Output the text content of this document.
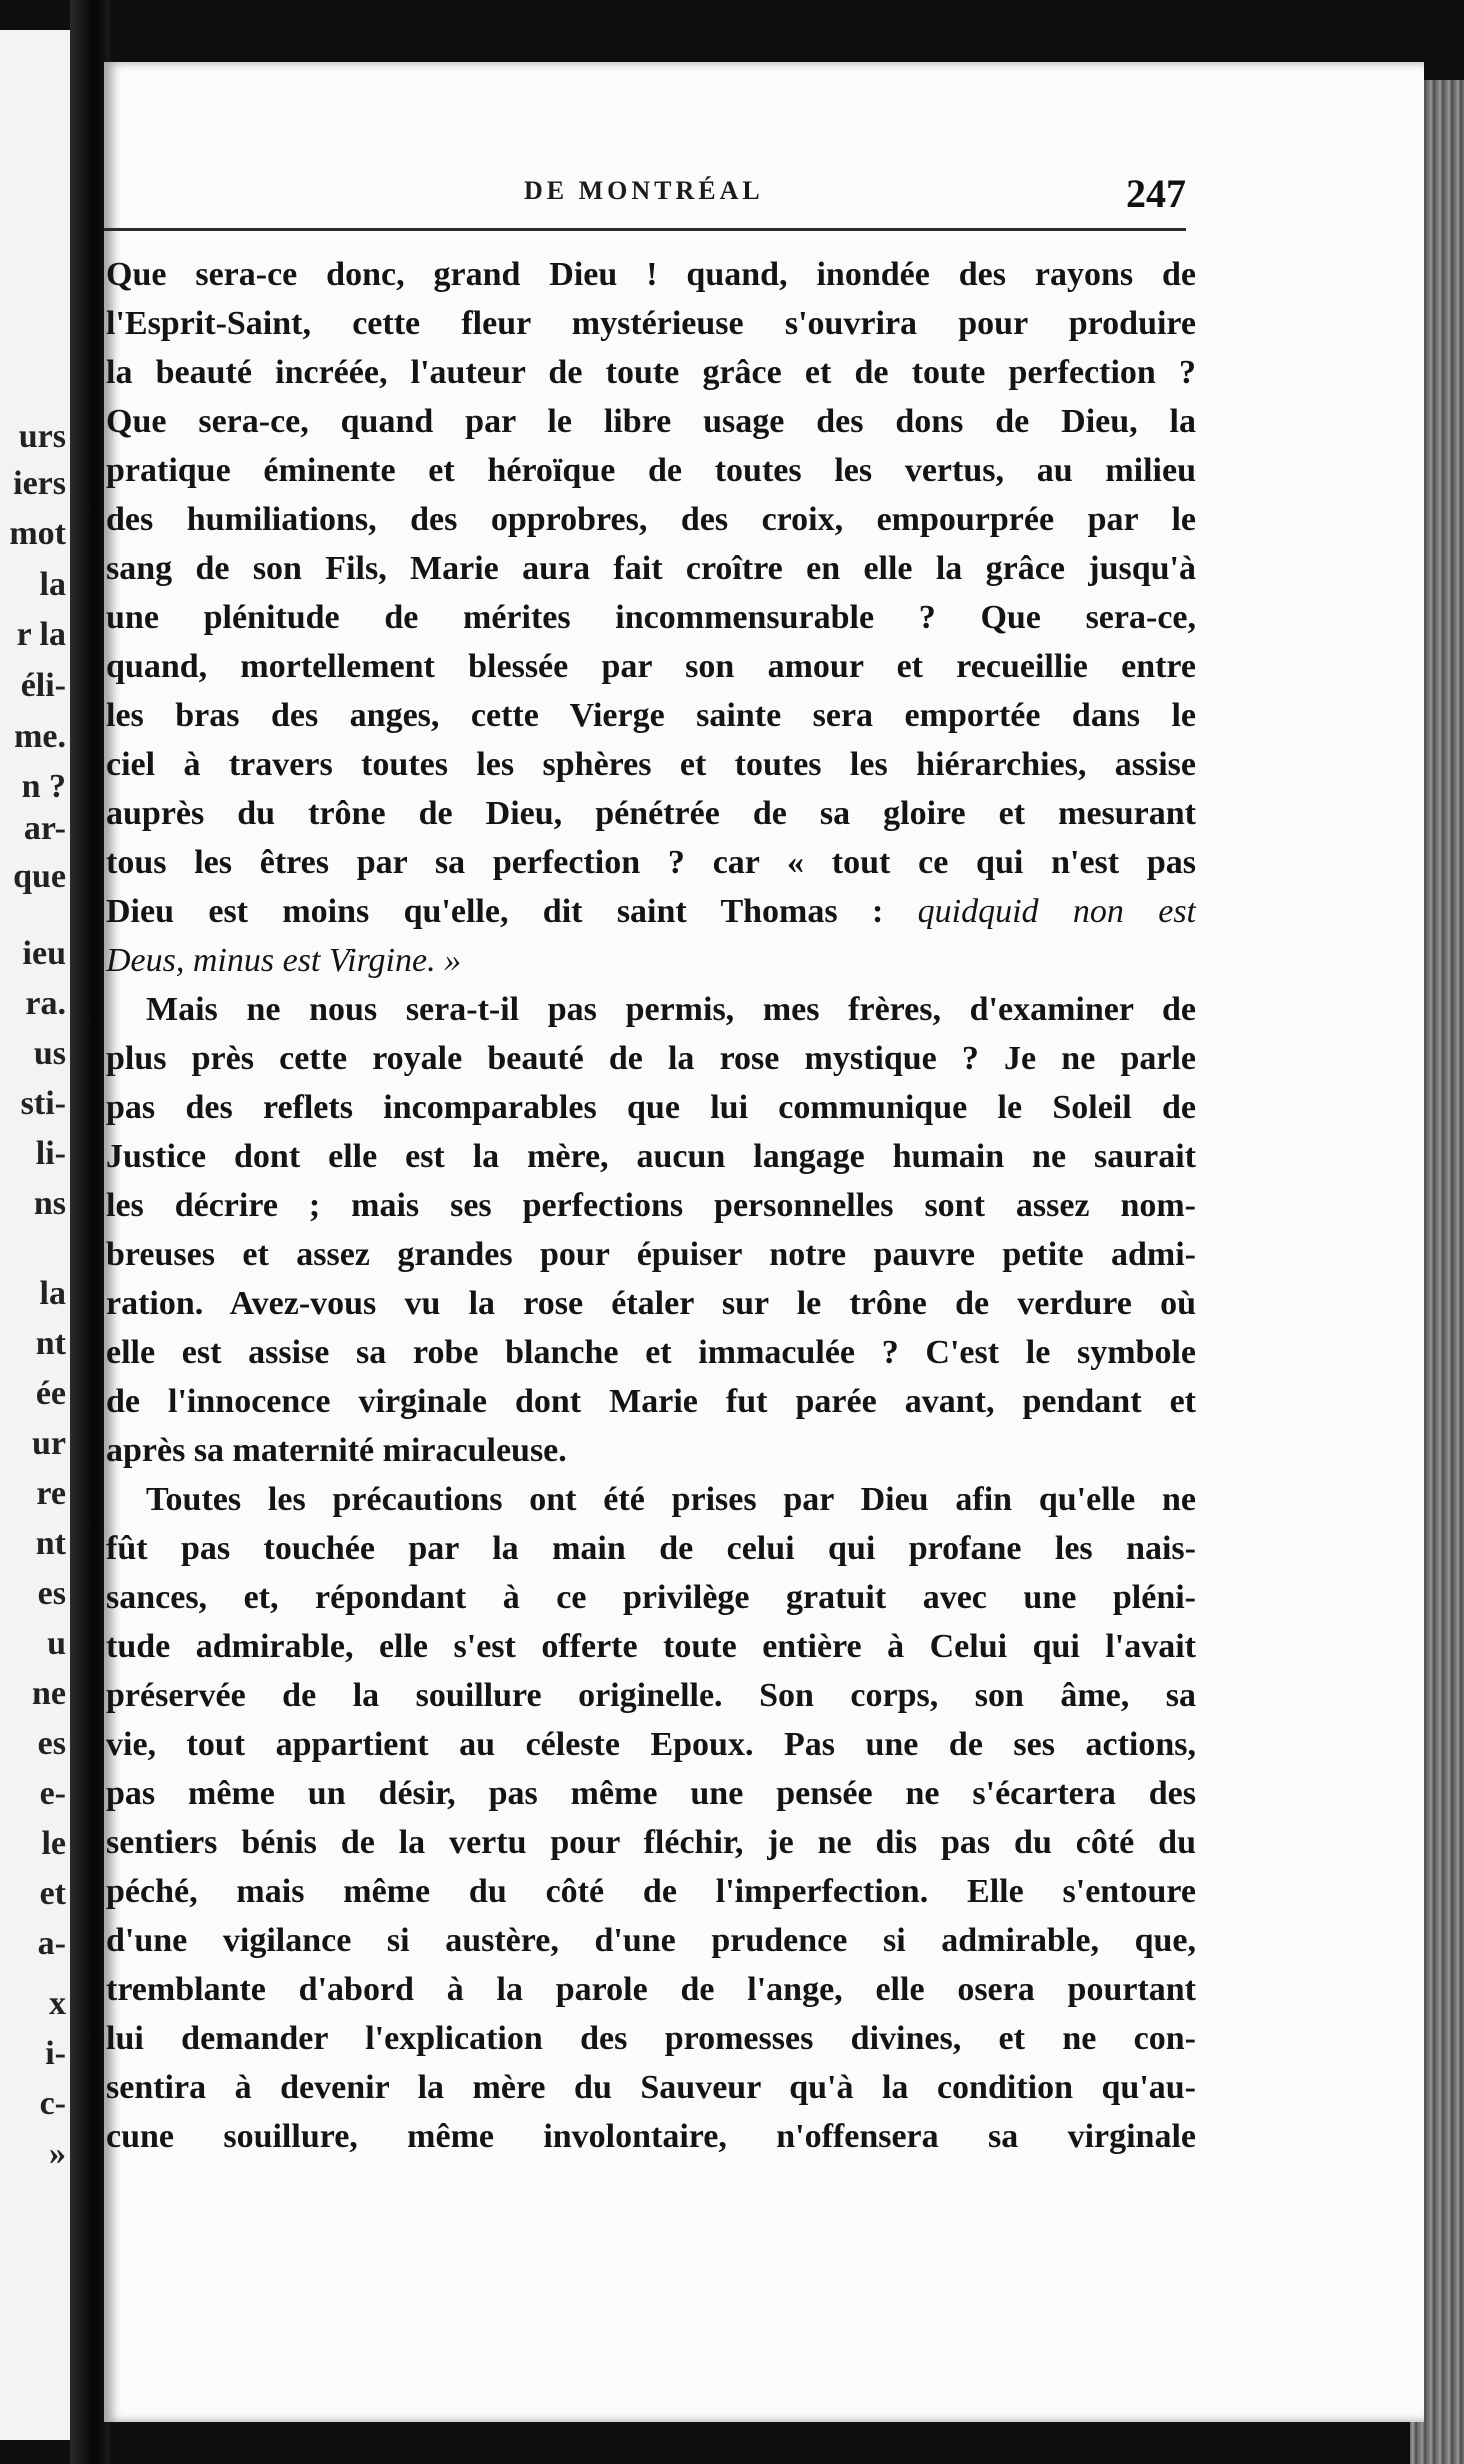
urs
iers
mot
la
r la
éli-
me.
n ?
ar-
que
ieu
ra.
us
sti-
li-
ns
la
nt
ée
ur
re
nt
es
u
ne
es
e-
le
et
a-
x
i-
c-
»
DE MONTRÉAL	247
Que sera-ce donc, grand Dieu ! quand, inondée des rayons de
l'Esprit-Saint, cette fleur mystérieuse s'ouvrira pour produire
la beauté incréée, l'auteur de toute grâce et de toute perfection ?
Que sera-ce, quand par le libre usage des dons de Dieu, la
pratique éminente et héroïque de toutes les vertus, au milieu
des humiliations, des opprobres, des croix, empourprée par le
sang de son Fils, Marie aura fait croître en elle la grâce jusqu'à
une plénitude de mérites incommensurable ? Que sera-ce,
quand, mortellement blessée par son amour et recueillie entre
les bras des anges, cette Vierge sainte sera emportée dans le
ciel à travers toutes les sphères et toutes les hiérarchies, assise
auprès du trône de Dieu, pénétrée de sa gloire et mesurant
tous les êtres par sa perfection ? car « tout ce qui n'est pas
Dieu est moins qu'elle, dit saint Thomas : quidquid non est
Deus, minus est Virgine. »
Mais ne nous sera-t-il pas permis, mes frères, d'examiner de
plus près cette royale beauté de la rose mystique ? Je ne parle
pas des reflets incomparables que lui communique le Soleil de
Justice dont elle est la mère, aucun langage humain ne saurait
les décrire ; mais ses perfections personnelles sont assez nom-
breuses et assez grandes pour épuiser notre pauvre petite admi-
ration. Avez-vous vu la rose étaler sur le trône de verdure où
elle est assise sa robe blanche et immaculée ? C'est le symbole
de l'innocence virginale dont Marie fut parée avant, pendant et
après sa maternité miraculeuse.
Toutes les précautions ont été prises par Dieu afin qu'elle ne
fût pas touchée par la main de celui qui profane les nais-
sances, et, répondant à ce privilège gratuit avec une pléni-
tude admirable, elle s'est offerte toute entière à Celui qui l'avait
préservée de la souillure originelle. Son corps, son âme, sa
vie, tout appartient au céleste Epoux. Pas une de ses actions,
pas même un désir, pas même une pensée ne s'écartera des
sentiers bénis de la vertu pour fléchir, je ne dis pas du côté du
péché, mais même du côté de l'imperfection. Elle s'entoure
d'une vigilance si austère, d'une prudence si admirable, que,
tremblante d'abord à la parole de l'ange, elle osera pourtant
lui demander l'explication des promesses divines, et ne con-
sentira à devenir la mère du Sauveur qu'à la condition qu'au-
cune souillure, même involontaire, n'offensera sa virginale
